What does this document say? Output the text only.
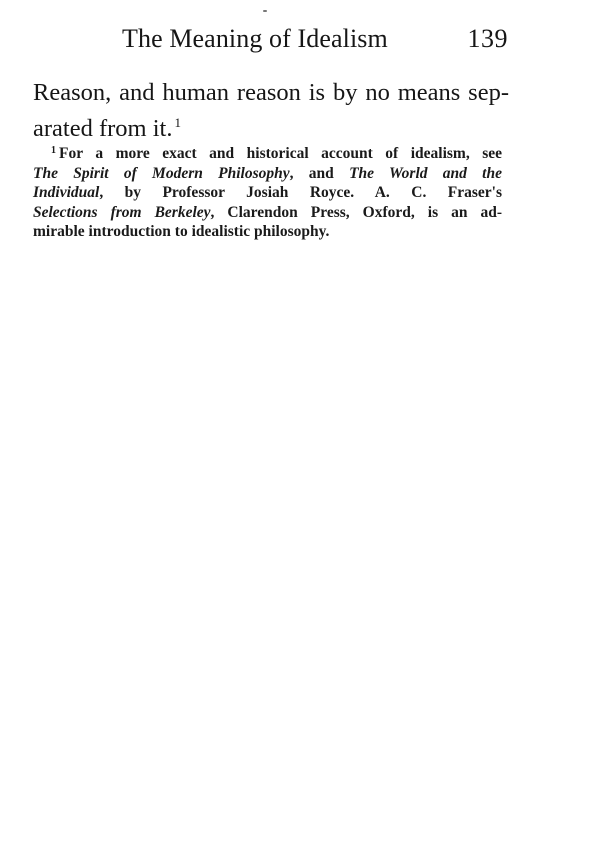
The Meaning of Idealism	139
Reason, and human reason is by no means sep-
arated from it. $^1$
$^1$ For a more exact and historical account of idealism, see
The Spirit of Modern Philosophy, and The World and the
Individual, by Professor Josiah Royce. A. C. Fraser's
Selections from Berkeley, Clarendon Press, Oxford, is an ad-
mirable introduction to idealistic philosophy.
